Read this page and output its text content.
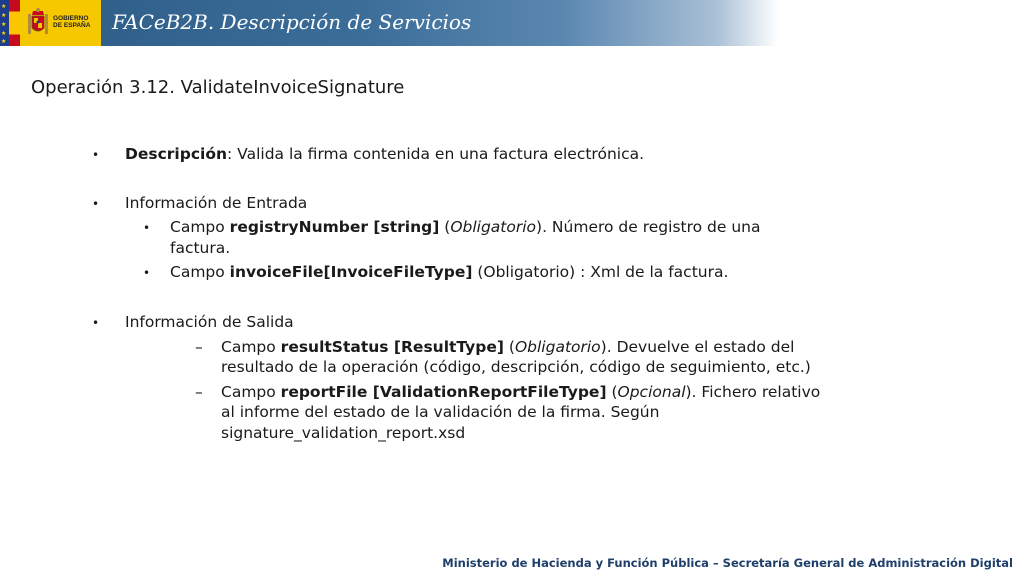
★
★
★
★
★
GOBIERNO
DE ESPAÑA	FACeB2B. Descripción de Servicios
Operación 3.12. ValidateInvoiceSignature
• Descripción: Valida la firma contenida en una factura electrónica.
• Información de Entrada
• Campo registryNumber [string] (Obligatorio). Número de registro de una
factura.
• Campo invoiceFile[InvoiceFileType] (Obligatorio) : Xml de la factura.
• Información de Salida
– Campo resultStatus [ResultType] (Obligatorio). Devuelve el estado del
resultado de la operación (código, descripción, código de seguimiento, etc.)
– Campo reportFile [ValidationReportFileType] (Opcional). Fichero relativo
al informe del estado de la validación de la firma. Según
signature_validation_report.xsd
Ministerio de Hacienda y Función Pública – Secretaría General de Administración Digital
